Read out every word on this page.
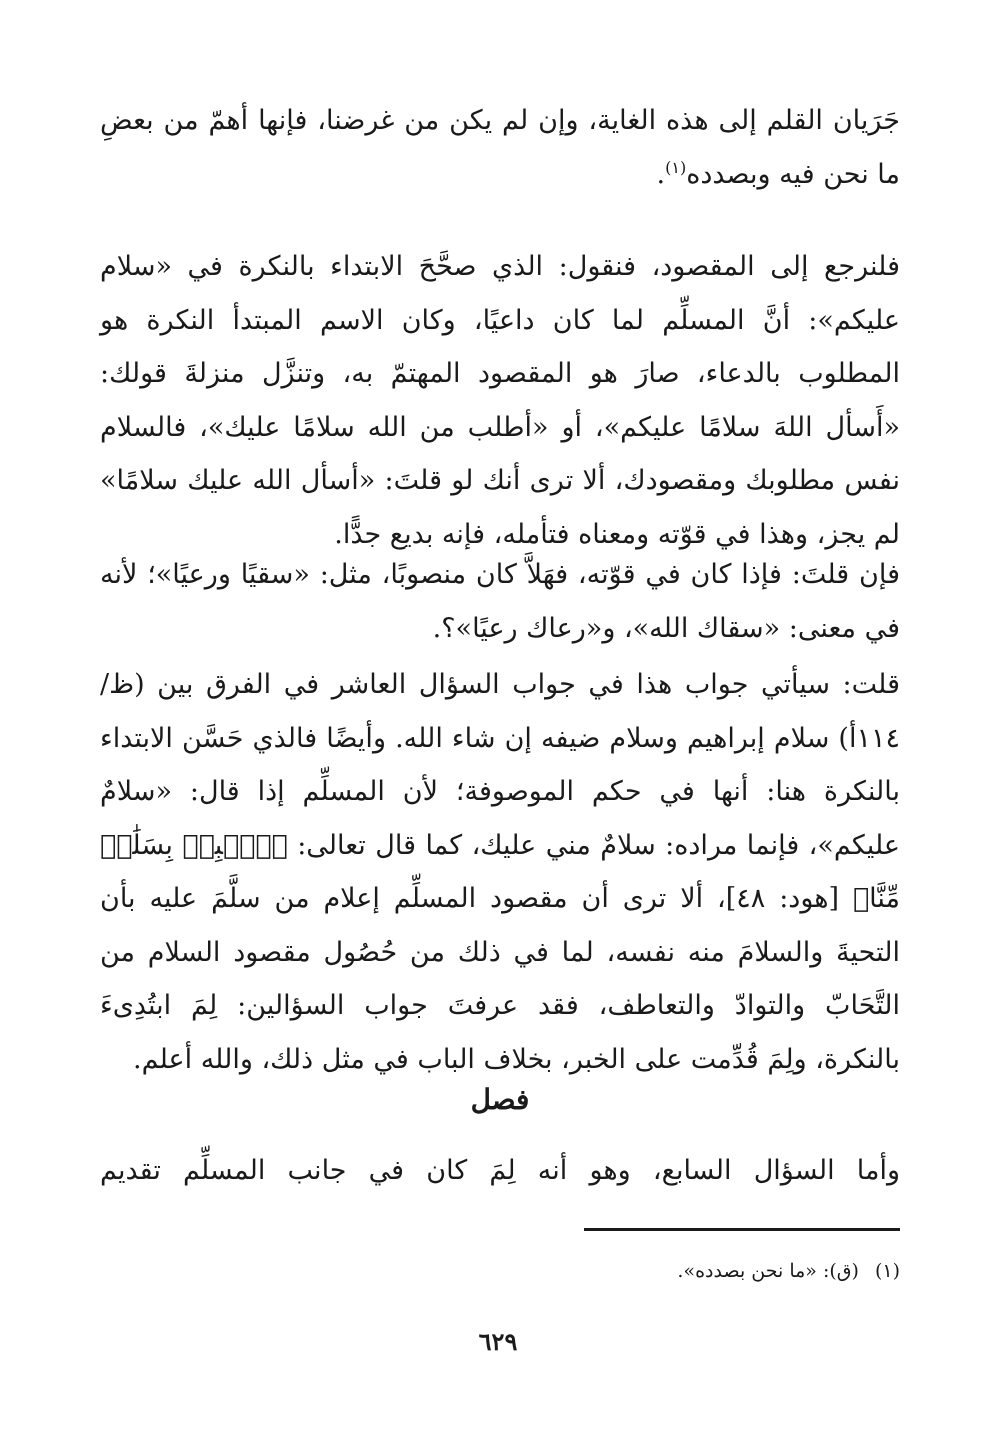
جَرَيان القلم إلى هذه الغاية، وإن لم يكن من غرضنا، فإنها أهمّ من بعضِ ما نحن فيه وبصدده$^{(١)}$.
فلنرجع إلى المقصود، فنقول: الذي صحَّحَ الابتداء بالنكرة في «سلام عليكم»: أنَّ المسلِّم لما كان داعيًا، وكان الاسم المبتدأ النكرة هو المطلوب بالدعاء، صارَ هو المقصود المهتمّ به، وتنزَّل منزلةَ قولك: «أَسأل اللهَ سلامًا عليكم»، أو «أطلب من الله سلامًا عليك»، فالسلام نفس مطلوبك ومقصودك، ألا ترى أنك لو قلتَ: «أسأل الله عليك سلامًا» لم يجز، وهذا في قوّته ومعناه فتأمله، فإنه بديع جدًّا.
فإن قلتَ: فإذا كان في قوّته، فهَلاَّ كان منصوبًا، مثل: «سقيًا ورعيًا»؛ لأنه في معنى: «سقاك الله»، و«رعاك رعيًا»؟.
قلت: سيأتي جواب هذا في جواب السؤال العاشر في الفرق بين (ظ/١١٤أ) سلام إبراهيم وسلام ضيفه إن شاء الله. وأيضًا فالذي حَسَّن الابتداء بالنكرة هنا: أنها في حكم الموصوفة؛ لأن المسلِّم إذا قال: «سلامٌ عليكم»، فإنما مراده: سلامٌ مني عليك، كما قال تعالى: ﴿ٱهۡبِطۡ بِسَلَٰمٖ مِّنَّا﴾ [هود: ٤٨]، ألا ترى أن مقصود المسلِّم إعلام من سلَّمَ عليه بأن التحيةَ والسلامَ منه نفسه، لما في ذلك من حُصُول مقصود السلام من التَّحَابّ والتوادّ والتعاطف، فقد عرفتَ جواب السؤالين: لِمَ ابتُدِىءَ بالنكرة، ولِمَ قُدِّمت على الخبر، بخلاف الباب في مثل ذلك، والله أعلم.
فصل
وأما السؤال السابع، وهو أنه لِمَ كان في جانب المسلِّم تقديم
(١)(ق): «ما نحن بصدده».
٦٢٩
